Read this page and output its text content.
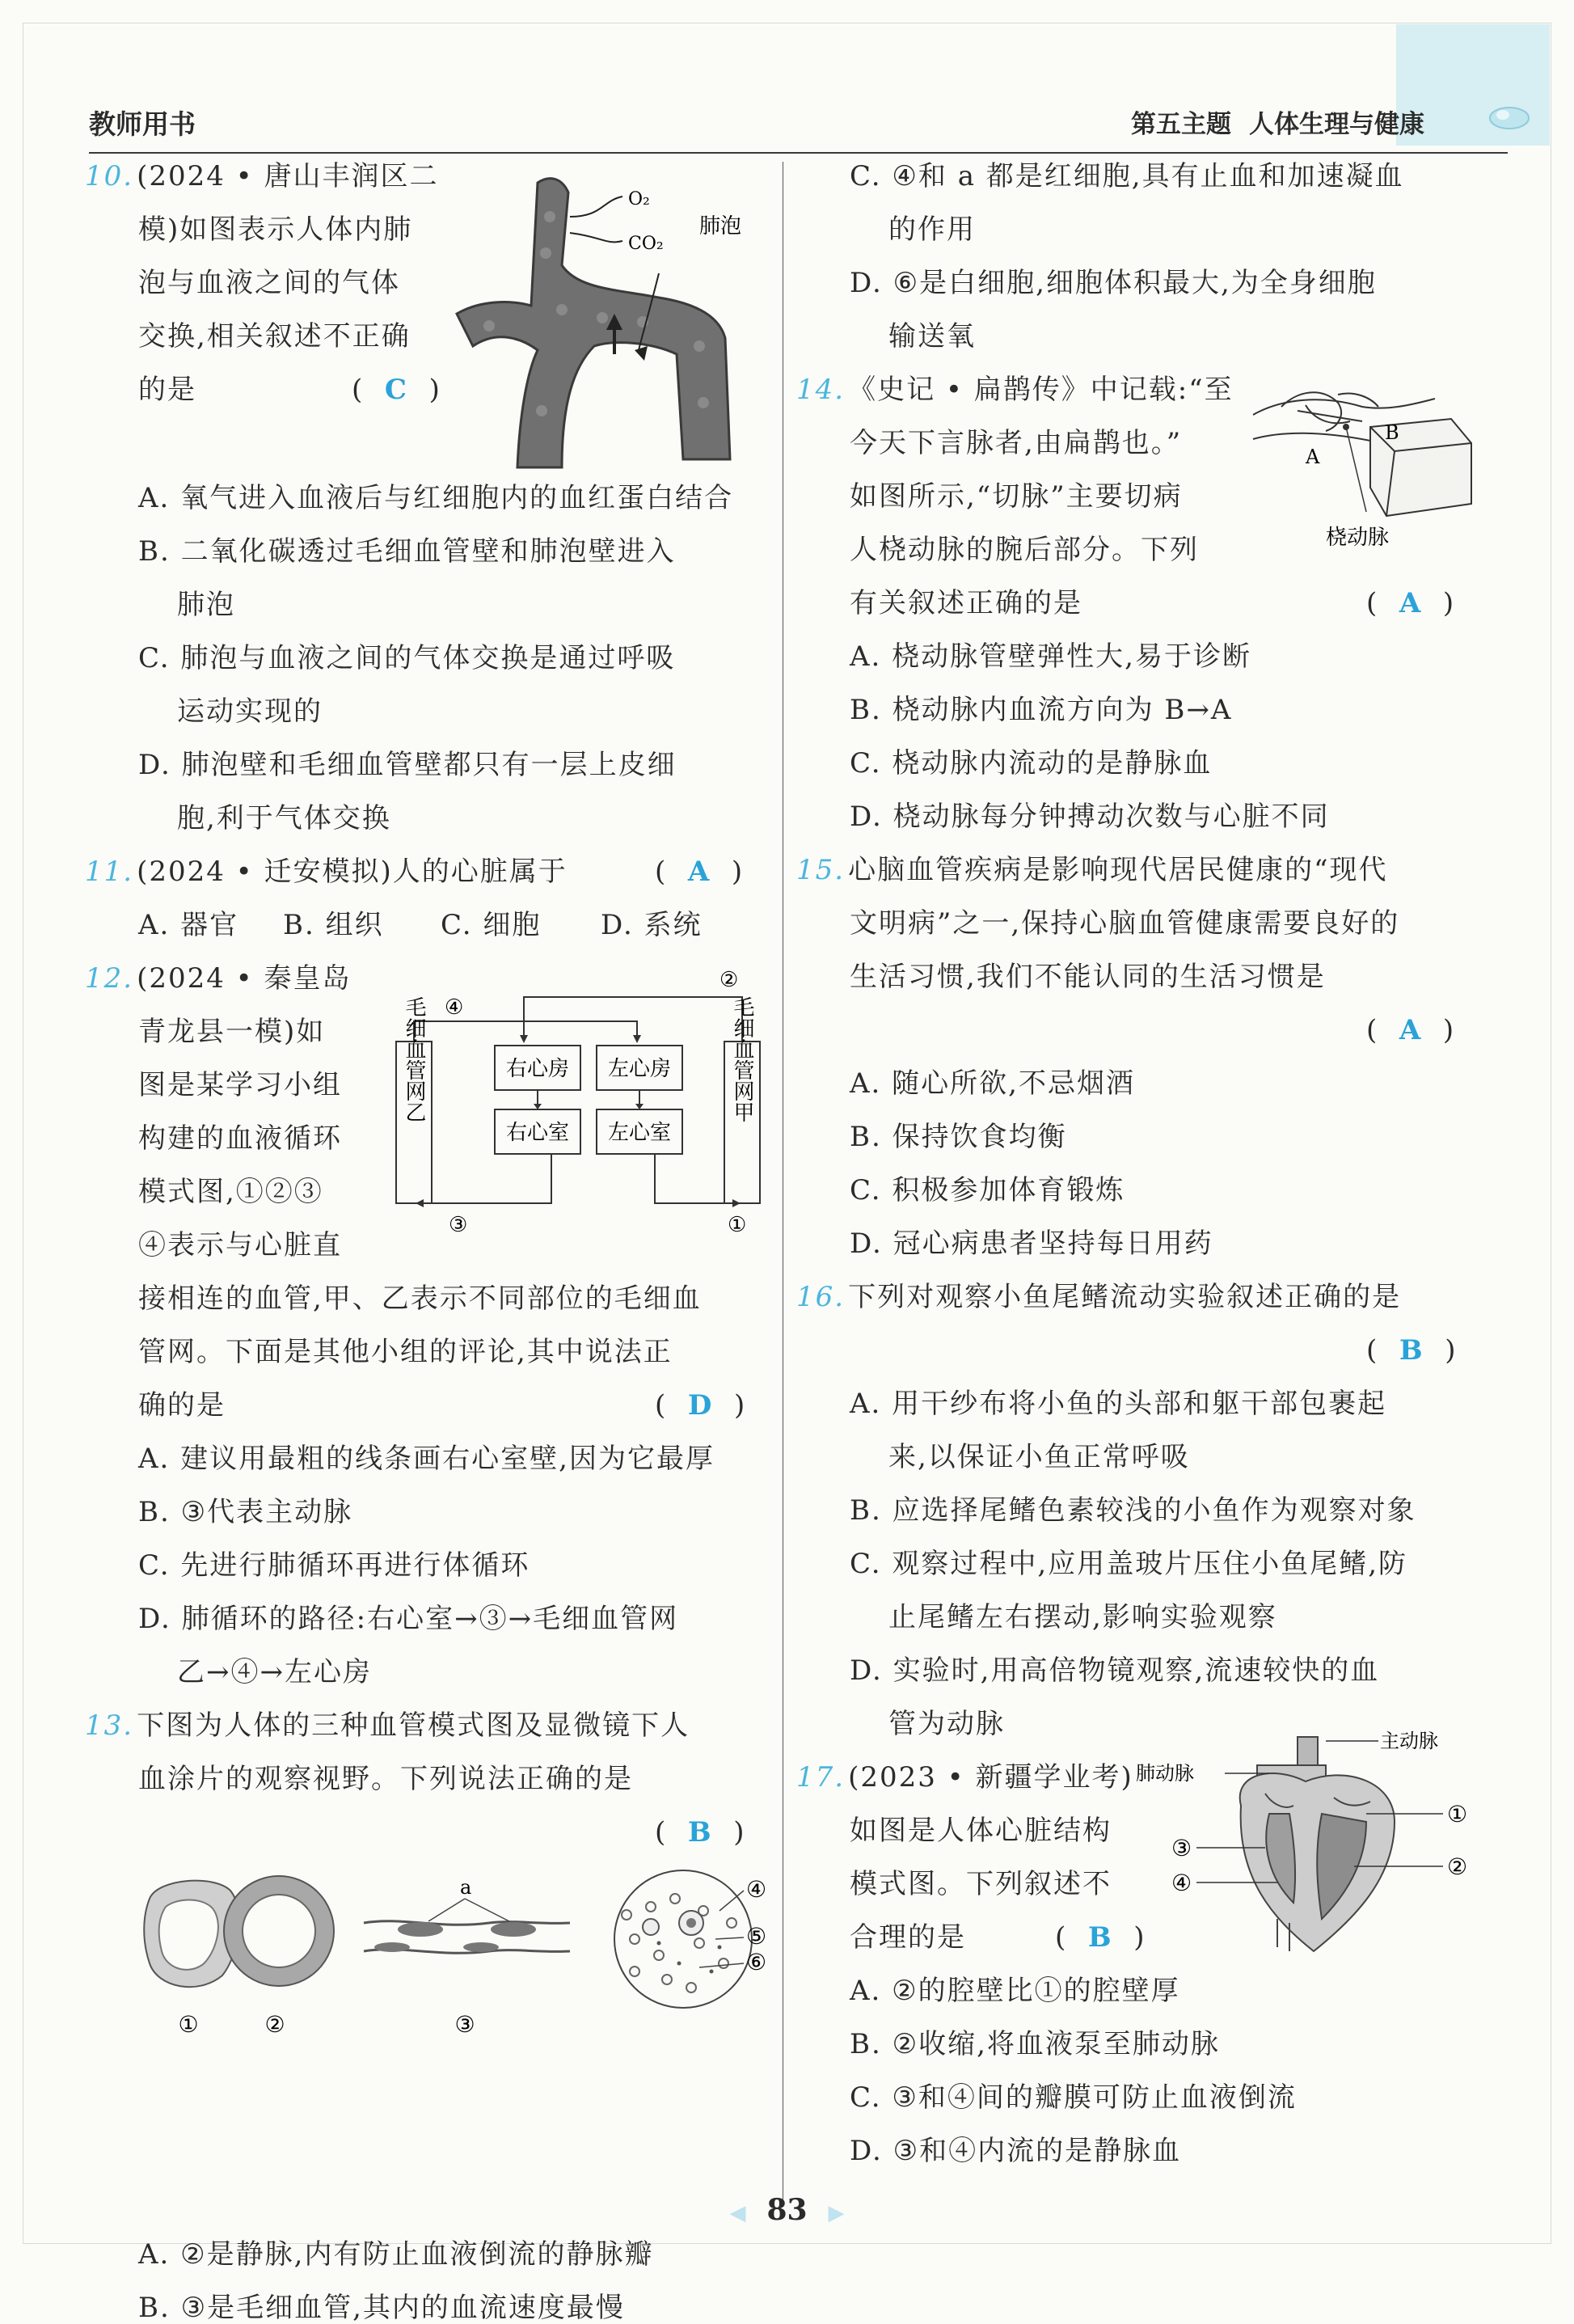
教师用书	第五主题 人体生理与健康
10. (2024 • 唐山丰润区二
模)如图表示人体内肺
泡与血液之间的气体
交换,相关叙述不正确
的是	(  C  )
O₂
CO₂
肺泡
A. 氧气进入血液后与红细胞内的血红蛋白结合
B. 二氧化碳透过毛细血管壁和肺泡壁进入
肺泡
C. 肺泡与血液之间的气体交换是通过呼吸
运动实现的
D. 肺泡壁和毛细血管壁都只有一层上皮细
胞,利于气体交换
11. (2024 • 迁安模拟)人的心脏属于	(  A  )
A. 器官 B. 组织 C. 细胞 D. 系统
12. (2024 • 秦皇岛
青龙县一模)如
图是某学习小组
构建的血液循环
模式图,①②③
④表示与心脏直
毛细血管网乙	毛细血管网甲
右心房 左心房
右心室 左心室
②
④
③	①
接相连的血管,甲、乙表示不同部位的毛细血
管网。下面是其他小组的评论,其中说法正
确的是	(  D  )
A. 建议用最粗的线条画右心室壁,因为它最厚
B. ③代表主动脉
C. 先进行肺循环再进行体循环
D. 肺循环的路径:右心室→③→毛细血管网
乙→④→左心房
13. 下图为人体的三种血管模式图及显微镜下人
血涂片的观察视野。下列说法正确的是
(  B  )
①	②
a
③
④
⑤
⑥
A. ②是静脉,内有防止血液倒流的静脉瓣
B. ③是毛细血管,其内的血流速度最慢
C. ④和 a 都是红细胞,具有止血和加速凝血
的作用
D. ⑥是白细胞,细胞体积最大,为全身细胞
输送氧
14. 《史记 • 扁鹊传》中记载:“至
今天下言脉者,由扁鹊也。”
如图所示,“切脉”主要切病
人桡动脉的腕后部分。下列
有关叙述正确的是	(  A  )
B
A
桡动脉
A. 桡动脉管壁弹性大,易于诊断
B. 桡动脉内血流方向为 B→A
C. 桡动脉内流动的是静脉血
D. 桡动脉每分钟搏动次数与心脏不同
15. 心脑血管疾病是影响现代居民健康的“现代
文明病”之一,保持心脑血管健康需要良好的
生活习惯,我们不能认同的生活习惯是
(  A  )
A. 随心所欲,不忌烟酒
B. 保持饮食均衡
C. 积极参加体育锻炼
D. 冠心病患者坚持每日用药
16. 下列对观察小鱼尾鳍流动实验叙述正确的是
(  B  )
A. 用干纱布将小鱼的头部和躯干部包裹起
来,以保证小鱼正常呼吸
B. 应选择尾鳍色素较浅的小鱼作为观察对象
C. 观察过程中,应用盖玻片压住小鱼尾鳍,防
止尾鳍左右摆动,影响实验观察
D. 实验时,用高倍物镜观察,流速较快的血
管为动脉
17. (2023 • 新疆学业考)
如图是人体心脏结构
模式图。下列叙述不
合理的是	(  B  )
肺动脉
主动脉
①
②
③
④
A. ②的腔壁比①的腔壁厚
B. ②收缩,将血液泵至肺动脉
C. ③和④间的瓣膜可防止血液倒流
D. ③和④内流的是静脉血
◀ 83 ▶
